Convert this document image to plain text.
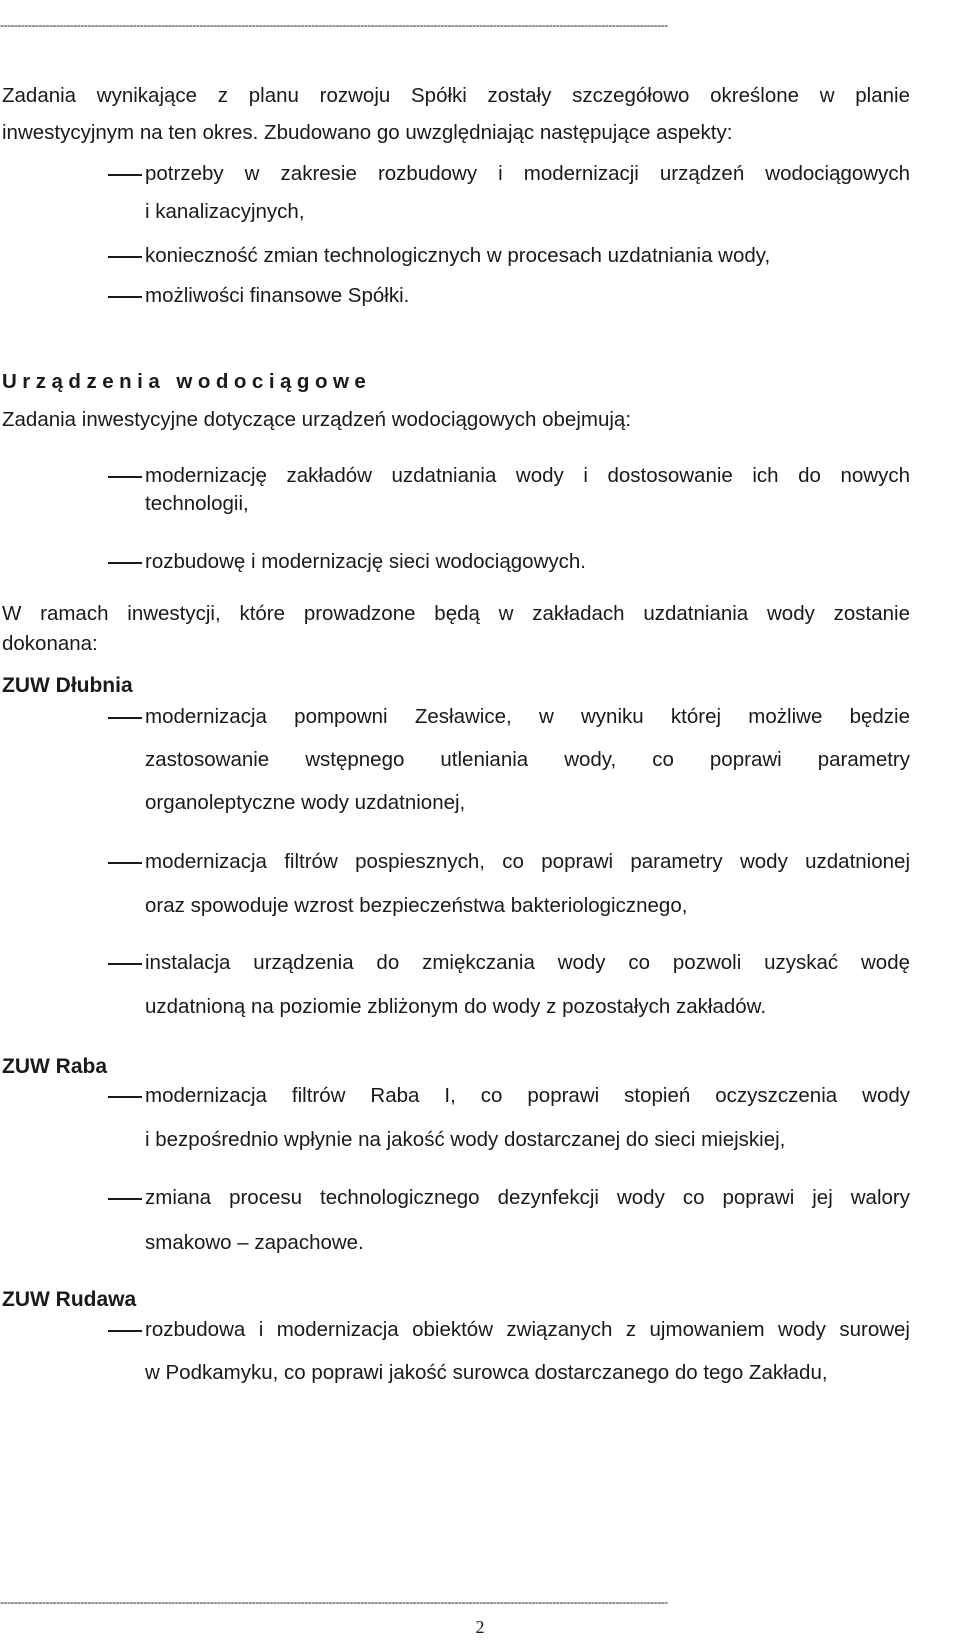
-----------------------------------------------------------------------------------------------------------------------------------------------------------------------------------------------
Zadania wynikające z planu rozwoju Spółki zostały szczegółowo określone w planie
inwestycyjnym na ten okres. Zbudowano go uwzględniając następujące aspekty:
potrzeby w zakresie rozbudowy i modernizacji urządzeń wodociągowych
i kanalizacyjnych,
konieczność zmian technologicznych w procesach uzdatniania wody,
możliwości finansowe Spółki.
Urządzenia wodociągowe
Zadania inwestycyjne dotyczące urządzeń wodociągowych obejmują:
modernizację zakładów uzdatniania wody i dostosowanie ich do nowych
technologii,
rozbudowę i modernizację sieci wodociągowych.
W ramach inwestycji, które prowadzone będą w zakładach uzdatniania wody zostanie
dokonana:
ZUW Dłubnia
modernizacja pompowni Zesławice, w wyniku której możliwe będzie
zastosowanie wstępnego utleniania wody, co poprawi parametry
organoleptyczne wody uzdatnionej,
modernizacja filtrów pospiesznych, co poprawi parametry wody uzdatnionej
oraz spowoduje wzrost bezpieczeństwa bakteriologicznego,
instalacja urządzenia do zmiękczania wody co pozwoli uzyskać wodę
uzdatnioną na poziomie zbliżonym do wody z pozostałych zakładów.
ZUW Raba
modernizacja filtrów Raba I, co poprawi stopień oczyszczenia wody
i bezpośrednio wpłynie na jakość wody dostarczanej do sieci miejskiej,
zmiana procesu technologicznego dezynfekcji wody co poprawi jej walory
smakowo – zapachowe.
ZUW Rudawa
rozbudowa i modernizacja obiektów związanych z ujmowaniem wody surowej
w Podkamyku, co poprawi jakość surowca dostarczanego do tego Zakładu,
-----------------------------------------------------------------------------------------------------------------------------------------------------------------------------------------------
2
